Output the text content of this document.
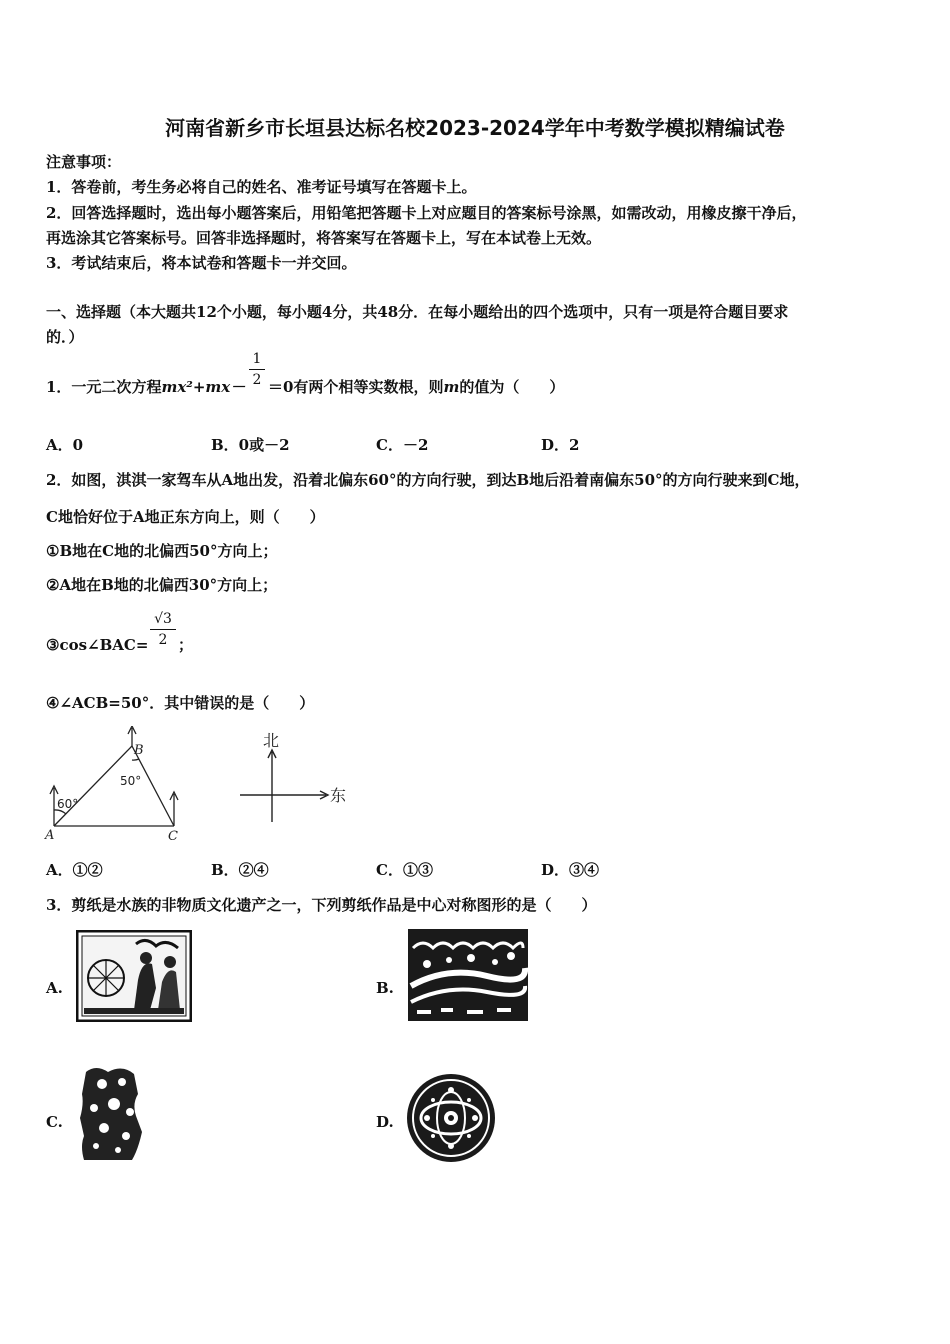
河南省新乡市长垣县达标名校2023-2024学年中考数学模拟精编试卷
注意事项：
1．答卷前，考生务必将自己的姓名、准考证号填写在答题卡上。
2．回答选择题时，选出每小题答案后，用铅笔把答题卡上对应题目的答案标号涂黑，如需改动，用橡皮擦干净后，
再选涂其它答案标号。回答非选择题时，将答案写在答题卡上，写在本试卷上无效。
3．考试结束后，将本试卷和答题卡一并交回。
一、选择题（本大题共12个小题，每小题4分，共48分．在每小题给出的四个选项中，只有一项是符合题目要求
的．）
1．一元二次方程mx²+mx－
1
2 ＝0有两个相等实数根，则m的值为（　　）
A．0	B．0或－2	C．－2	D．2
2．如图，淇淇一家驾车从A地出发，沿着北偏东60°的方向行驶，到达B地后沿着南偏东50°的方向行驶来到C地，
C地恰好位于A地正东方向上，则（　　）
①B地在C地的北偏西50°方向上；
②A地在B地的北偏西30°方向上；
③cos∠BAC=
√3
2 ；
④∠ACB=50°．其中错误的是（　　）
B
A	C
60°
50°
北
东
A．①②	B．②④	C．①③	D．③④
3．剪纸是水族的非物质文化遗产之一，下列剪纸作品是中心对称图形的是（　　）
A.	B.
C.	D.
